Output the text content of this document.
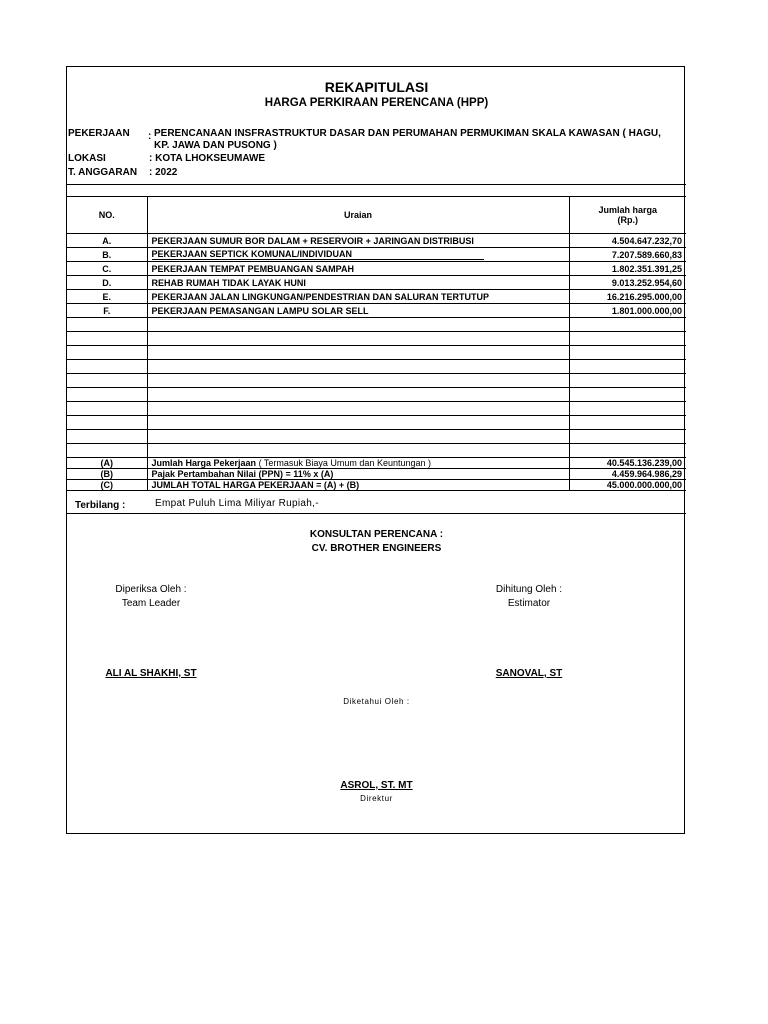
REKAPITULASI
HARGA PERKIRAAN PERENCANA (HPP)
PEKERJAAN : PERENCANAAN INSFRASTRUKTUR DASAR DAN PERUMAHAN PERMUKIMAN SKALA KAWASAN ( HAGU,
KP. JAWA DAN PUSONG )
LOKASI	: KOTA LHOKSEUMAWE
T. ANGGARAN : 2022
NO.	Uraian	Jumlah harga
(Rp.)

A.	PEKERJAAN SUMUR BOR DALAM + RESERVOIR + JARINGAN DISTRIBUSI	4.504.647.232,70
B.	PEKERJAAN SEPTICK KOMUNAL/INDIVIDUAN	7.207.589.660,83
C.	PEKERJAAN TEMPAT PEMBUANGAN SAMPAH	1.802.351.391,25
D.	REHAB RUMAH TIDAK LAYAK HUNI	9.013.252.954,60
E.	PEKERJAAN JALAN LINGKUNGAN/PENDESTRIAN DAN SALURAN TERTUTUP	16.216.295.000,00
F.	PEKERJAAN PEMASANGAN LAMPU SOLAR SELL	1.801.000.000,00

(A)	Jumlah Harga Pekerjaan ( Termasuk Biaya Umum dan Keuntungan )	40.545.136.239,00
(B)	Pajak Pertambahan Nilai (PPN) = 11% x (A)	4.459.964.986,29
(C)	JUMLAH TOTAL HARGA PEKERJAAN = (A) + (B)	45.000.000.000,00
Terbilang :	Empat Puluh Lima Miliyar Rupiah,-
KONSULTAN PERENCANA :
CV. BROTHER ENGINEERS
Diperiksa Oleh :
Team Leader
ALI AL SHAKHI, ST
Dihitung Oleh :
Estimator
SANOVAL, ST
Diketahui Oleh :
ASROL, ST. MT
Direktur
